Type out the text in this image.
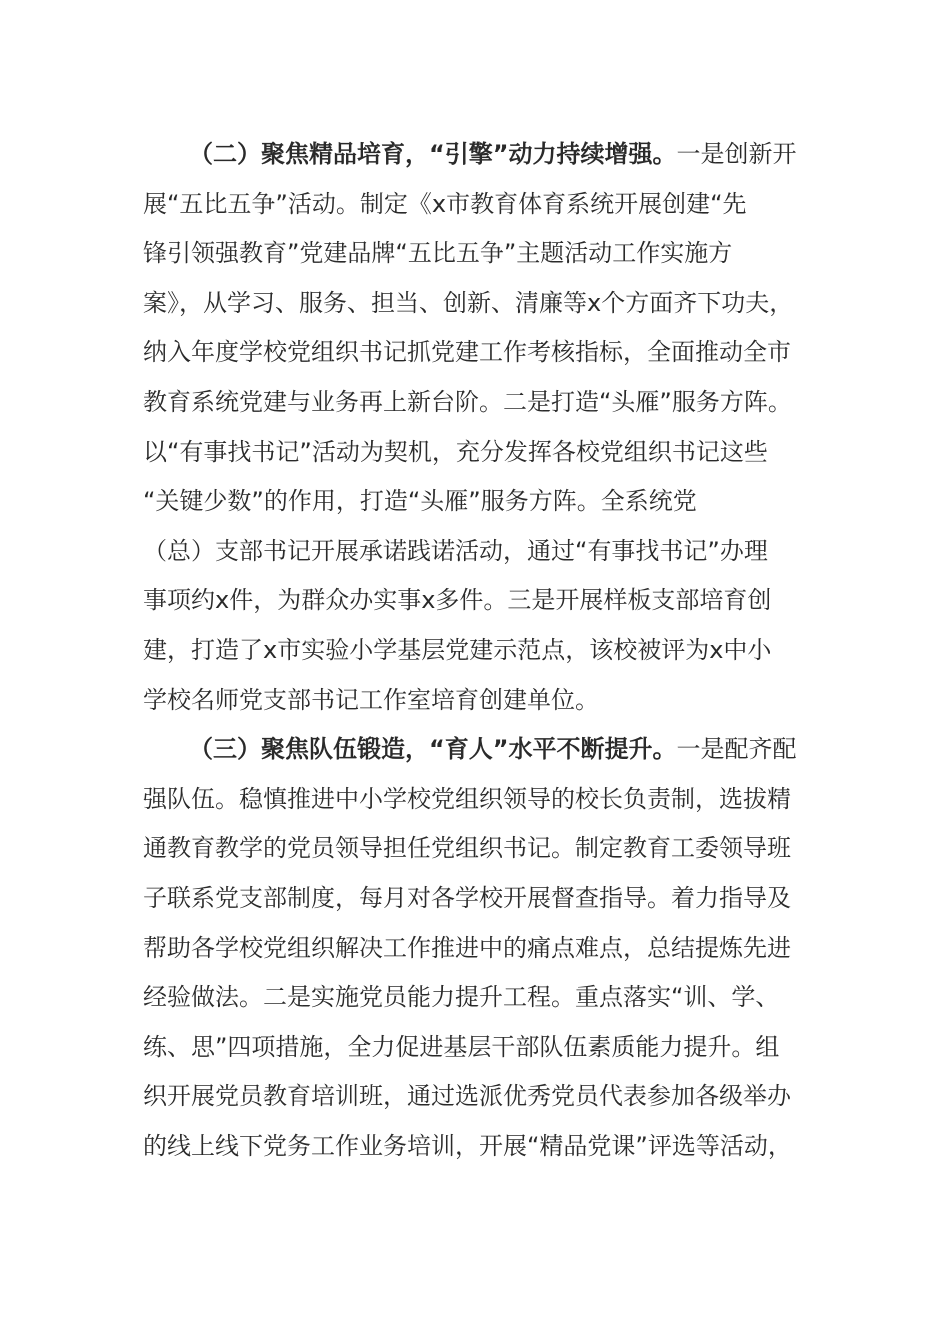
（二）聚焦精品培育，“引擎”动力持续增强。一是创新开
展“五比五争”活动。制定《x市教育体育系统开展创建“先
锋引领强教育”党建品牌“五比五争”主题活动工作实施方
案》，从学习、服务、担当、创新、清廉等x个方面齐下功夫，
纳入年度学校党组织书记抓党建工作考核指标，全面推动全市
教育系统党建与业务再上新台阶。二是打造“头雁”服务方阵。
以“有事找书记”活动为契机，充分发挥各校党组织书记这些
“关键少数”的作用，打造“头雁”服务方阵。全系统党
（总）支部书记开展承诺践诺活动，通过“有事找书记”办理
事项约x件，为群众办实事x多件。三是开展样板支部培育创
建，打造了x市实验小学基层党建示范点，该校被评为x中小
学校名师党支部书记工作室培育创建单位。
（三）聚焦队伍锻造，“育人”水平不断提升。一是配齐配
强队伍。稳慎推进中小学校党组织领导的校长负责制，选拔精
通教育教学的党员领导担任党组织书记。制定教育工委领导班
子联系党支部制度，每月对各学校开展督查指导。着力指导及
帮助各学校党组织解决工作推进中的痛点难点，总结提炼先进
经验做法。二是实施党员能力提升工程。重点落实“训、学、
练、思”四项措施，全力促进基层干部队伍素质能力提升。组
织开展党员教育培训班，通过选派优秀党员代表参加各级举办
的线上线下党务工作业务培训，开展“精品党课”评选等活动，
